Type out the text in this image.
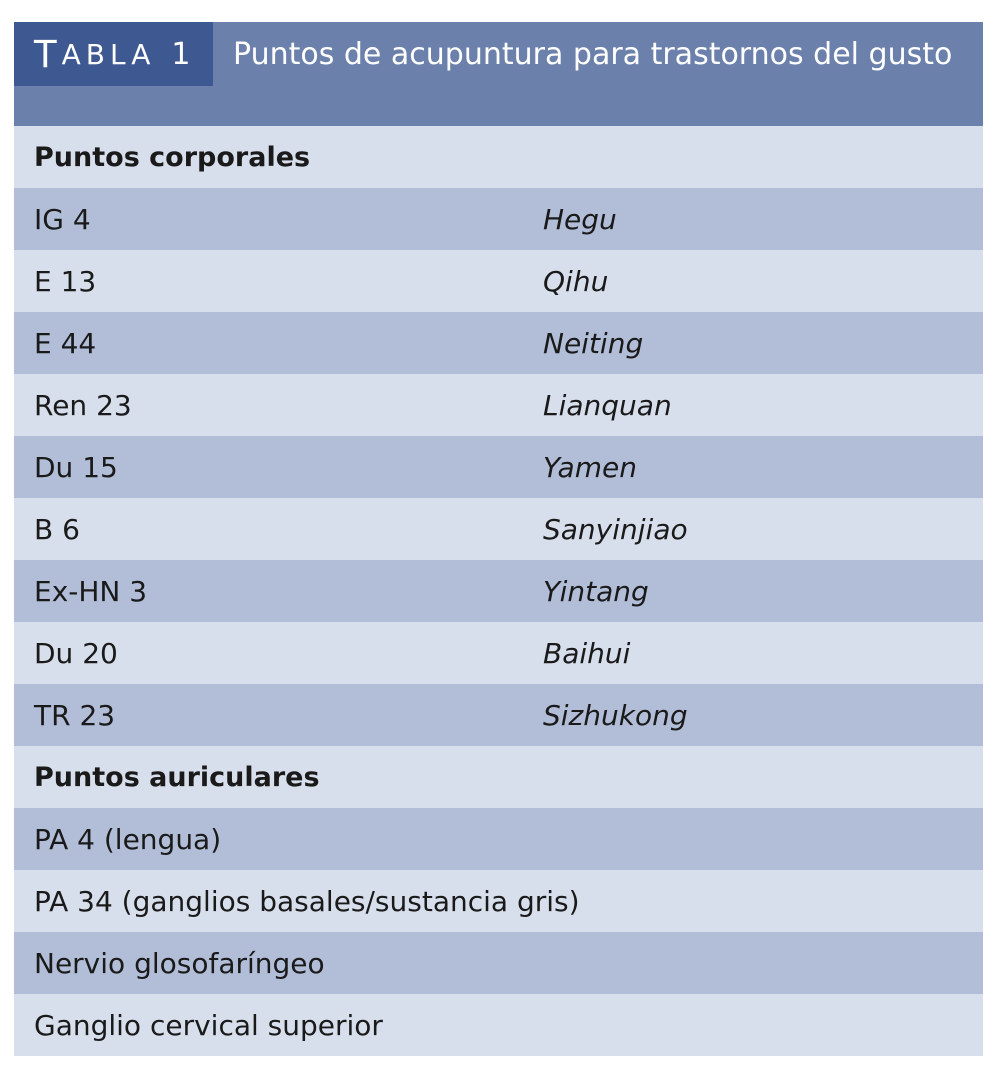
T ABLA 1 Puntos de acupuntura para trastornos del gusto
Puntos corporales
IG 4	Hegu
E 13	Qihu
E 44	Neiting
Ren 23	Lianquan
Du 15	Yamen
B 6	Sanyinjiao
Ex-HN 3	Yintang
Du 20	Baihui
TR 23	Sizhukong
Puntos auriculares
PA 4 (lengua)
PA 34 (ganglios basales/sustancia gris)
Nervio glosofaríngeo
Ganglio cervical superior
